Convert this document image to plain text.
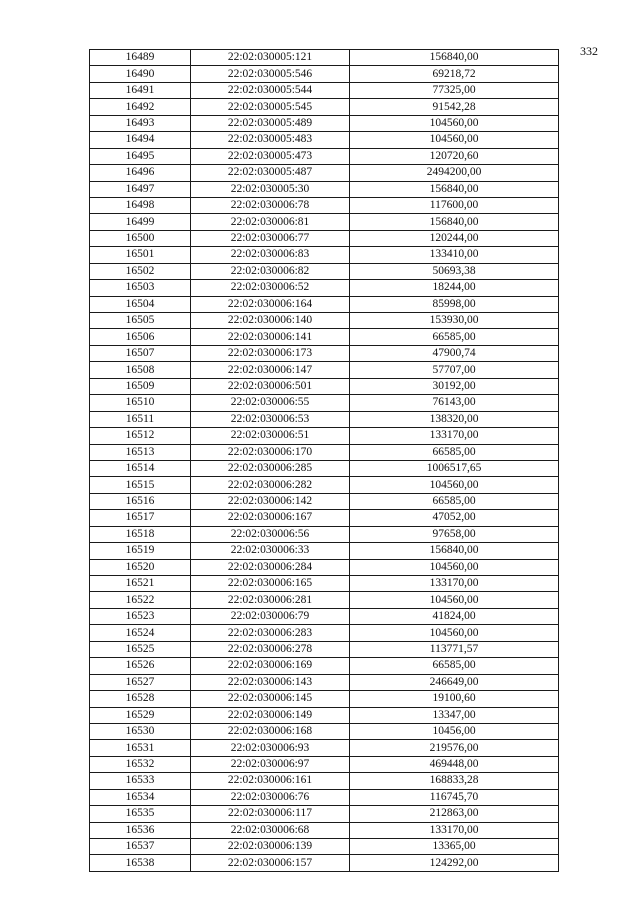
332
16489	22:02:030005:121	156840,00
16490	22:02:030005:546	69218,72
16491	22:02:030005:544	77325,00
16492	22:02:030005:545	91542,28
16493	22:02:030005:489	104560,00
16494	22:02:030005:483	104560,00
16495	22:02:030005:473	120720,60
16496	22:02:030005:487	2494200,00
16497	22:02:030005:30	156840,00
16498	22:02:030006:78	117600,00
16499	22:02:030006:81	156840,00
16500	22:02:030006:77	120244,00
16501	22:02:030006:83	133410,00
16502	22:02:030006:82	50693,38
16503	22:02:030006:52	18244,00
16504	22:02:030006:164	85998,00
16505	22:02:030006:140	153930,00
16506	22:02:030006:141	66585,00
16507	22:02:030006:173	47900,74
16508	22:02:030006:147	57707,00
16509	22:02:030006:501	30192,00
16510	22:02:030006:55	76143,00
16511	22:02:030006:53	138320,00
16512	22:02:030006:51	133170,00
16513	22:02:030006:170	66585,00
16514	22:02:030006:285	1006517,65
16515	22:02:030006:282	104560,00
16516	22:02:030006:142	66585,00
16517	22:02:030006:167	47052,00
16518	22:02:030006:56	97658,00
16519	22:02:030006:33	156840,00
16520	22:02:030006:284	104560,00
16521	22:02:030006:165	133170,00
16522	22:02:030006:281	104560,00
16523	22:02:030006:79	41824,00
16524	22:02:030006:283	104560,00
16525	22:02:030006:278	113771,57
16526	22:02:030006:169	66585,00
16527	22:02:030006:143	246649,00
16528	22:02:030006:145	19100,60
16529	22:02:030006:149	13347,00
16530	22:02:030006:168	10456,00
16531	22:02:030006:93	219576,00
16532	22:02:030006:97	469448,00
16533	22:02:030006:161	168833,28
16534	22:02:030006:76	116745,70
16535	22:02:030006:117	212863,00
16536	22:02:030006:68	133170,00
16537	22:02:030006:139	13365,00
16538	22:02:030006:157	124292,00
